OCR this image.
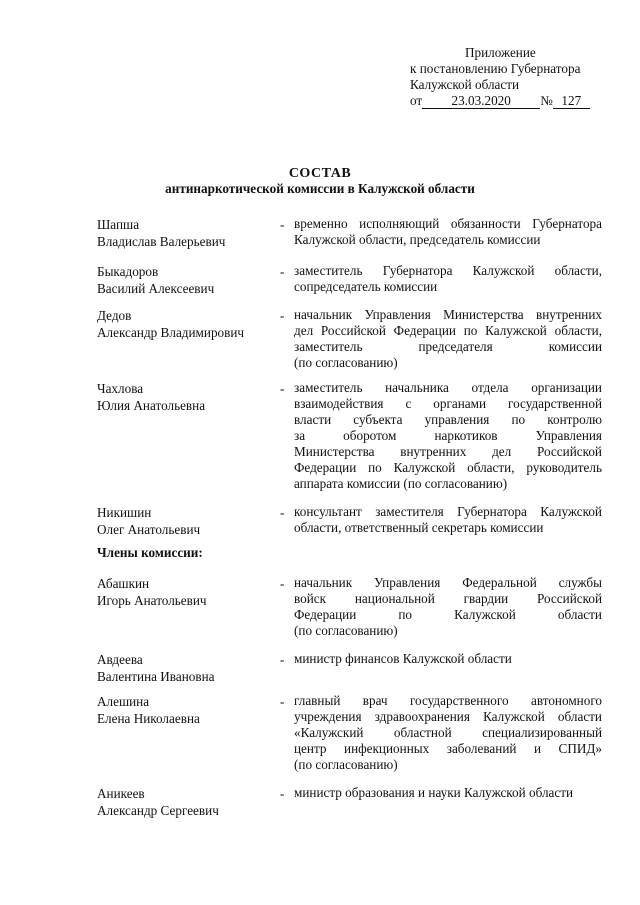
Приложение
к постановлению Губернатора
Калужской области
от 23.03.2020 № 127
СОСТАВ
антинаркотической комиссии в Калужской области
Шапша
Владислав Валерьевич
- временно исполняющий обязанности Губернатора
Калужской области, председатель комиссии
Быкадоров
Василий Алексеевич
- заместитель Губернатора Калужской области,
сопредседатель комиссии
Дедов
Александр Владимирович
- начальник Управления Министерства внутренних
дел Российской Федерации по Калужской области,
заместитель председателя комиссии
(по согласованию)
Чахлова
Юлия Анатольевна
- заместитель начальника отдела организации
взаимодействия с органами государственной
власти субъекта управления по контролю
за оборотом наркотиков Управления
Министерства внутренних дел Российской
Федерации по Калужской области, руководитель
аппарата комиссии (по согласованию)
Никишин
Олег Анатольевич
- консультант заместителя Губернатора Калужской
области, ответственный секретарь комиссии
Абашкин
Игорь Анатольевич
- начальник Управления Федеральной службы
войск национальной гвардии Российской
Федерации по Калужской области
(по согласованию)
Авдеева
Валентина Ивановна
- министр финансов Калужской области
Алешина
Елена Николаевна
- главный врач государственного автономного
учреждения здравоохранения Калужской области
«Калужский областной специализированный
центр инфекционных заболеваний и СПИД»
(по согласованию)
Аникеев
Александр Сергеевич
- министр образования и науки Калужской области
Члены комиссии:
